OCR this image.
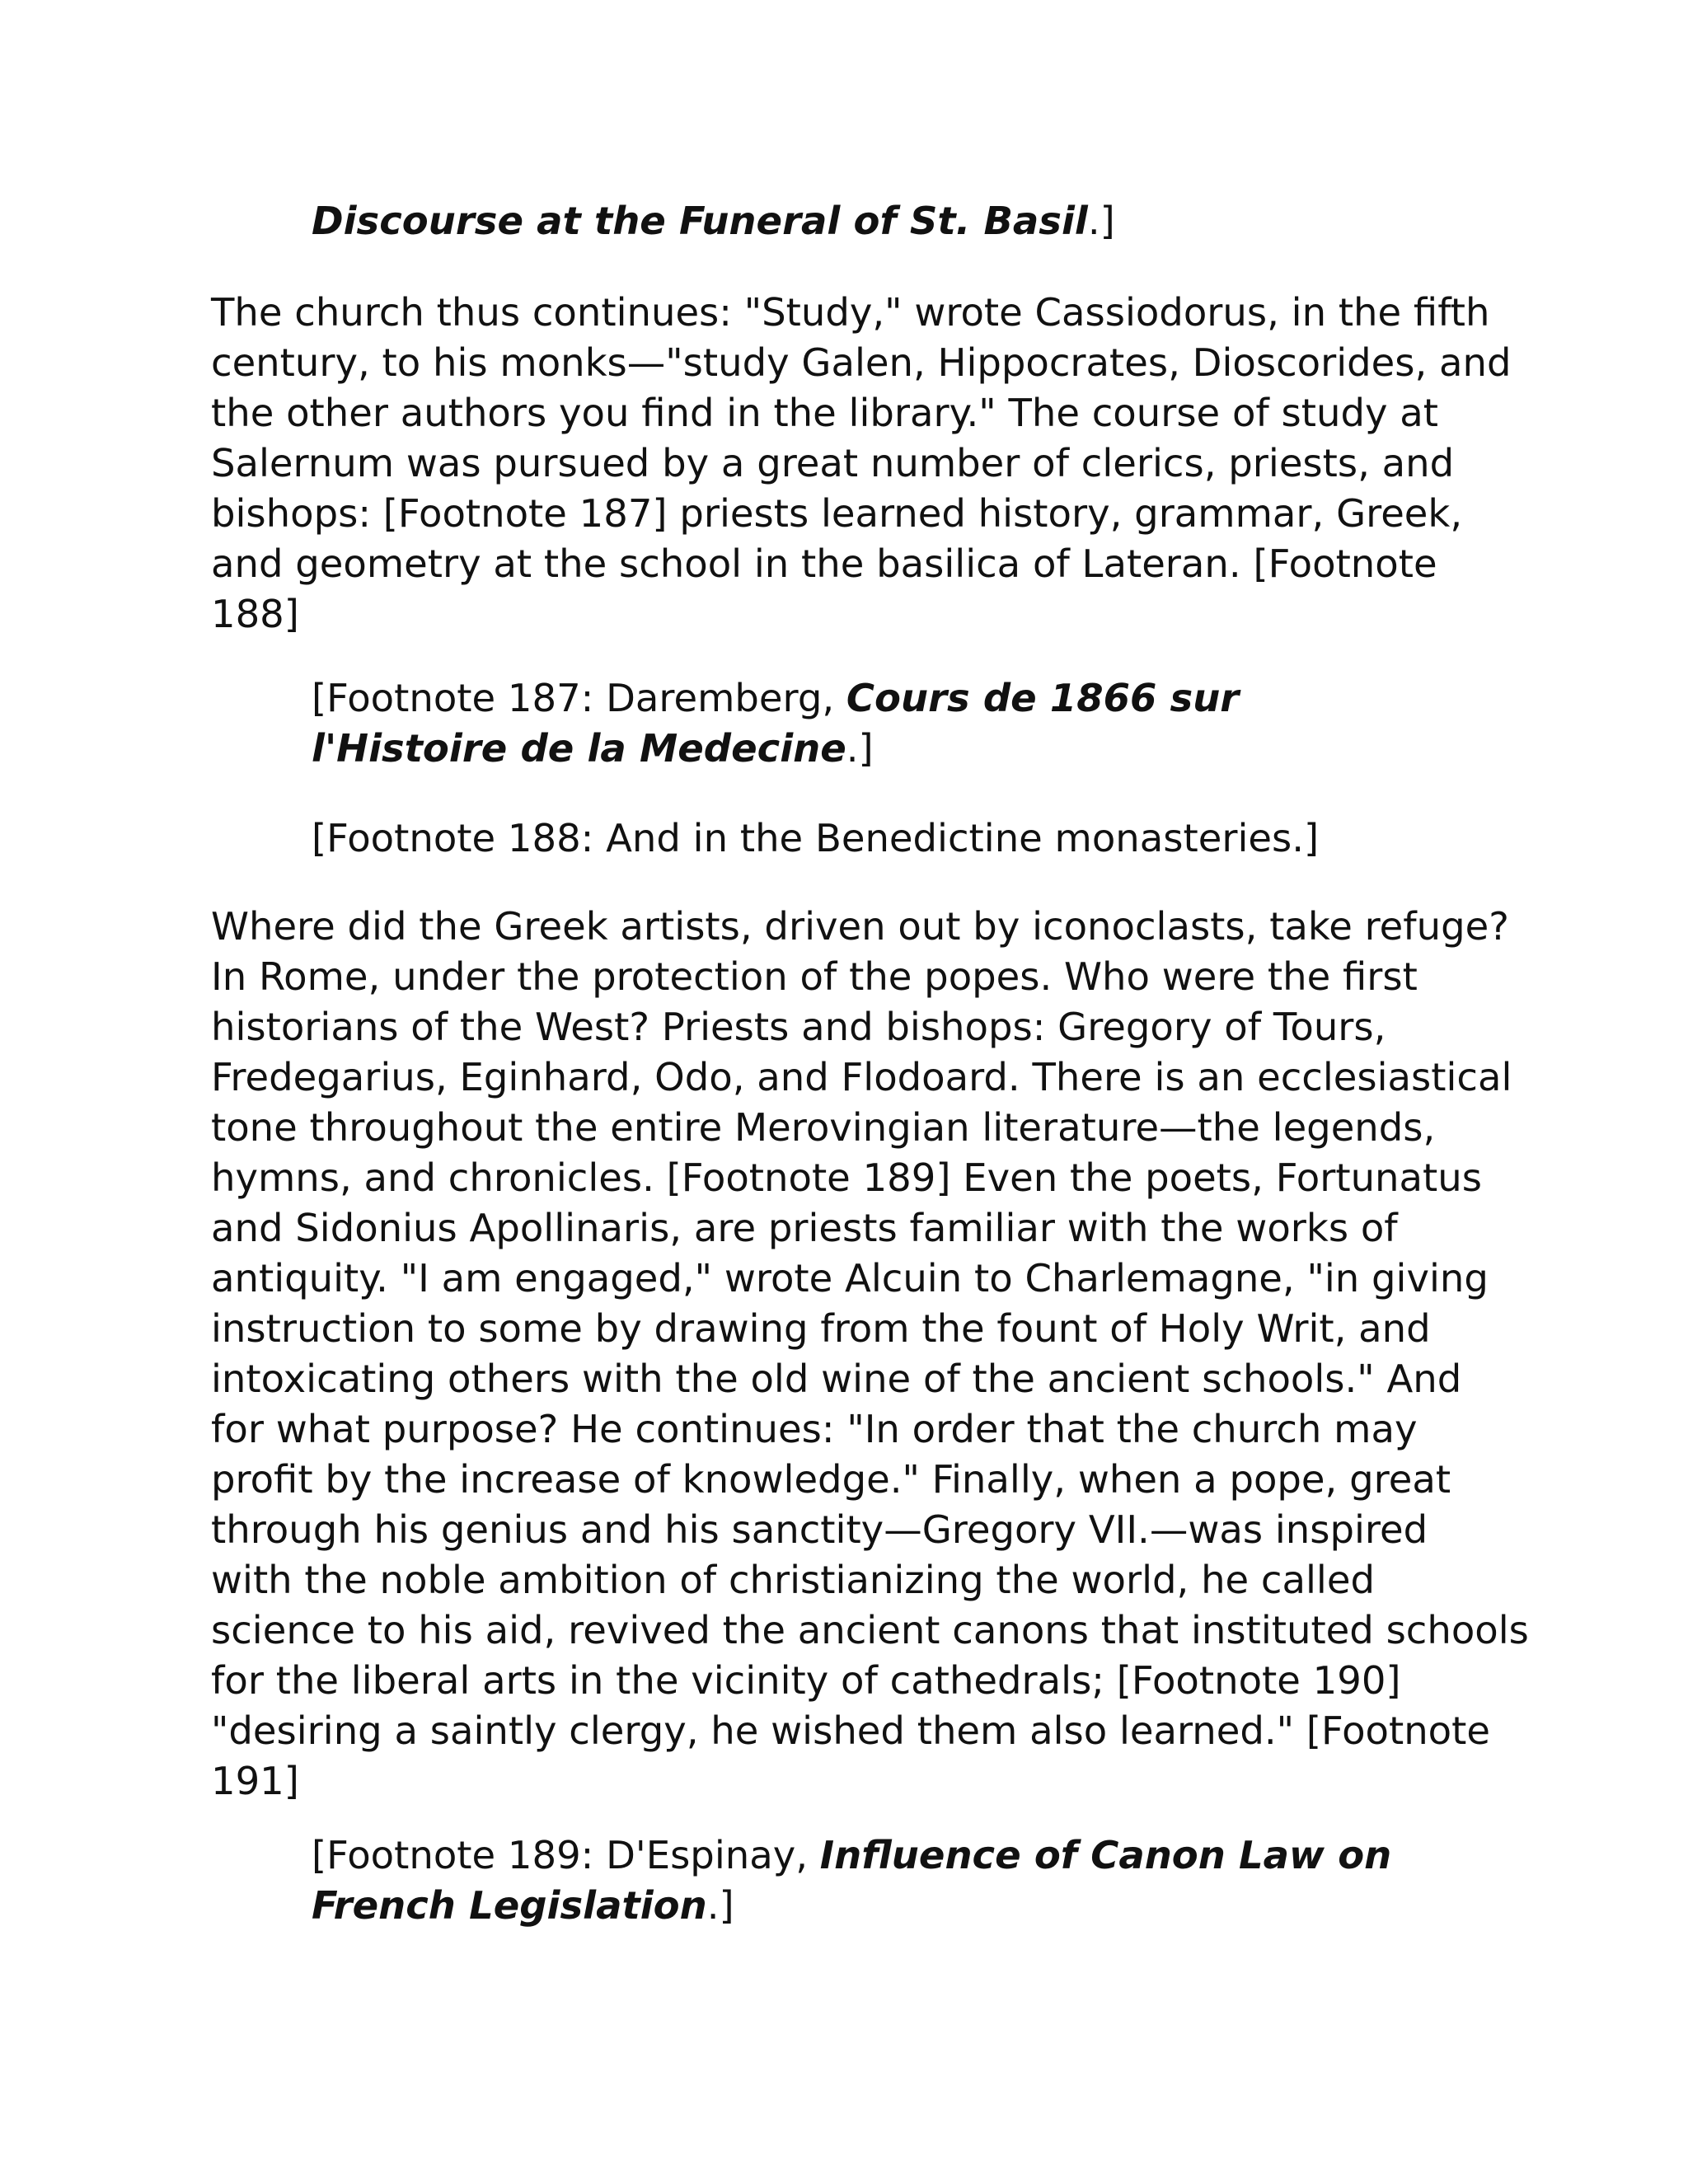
Discourse at the Funeral of St. Basil.]

The church thus continues: "Study," wrote Cassiodorus, in the fifth
century, to his monks—"study Galen, Hippocrates, Dioscorides, and
the other authors you find in the library." The course of study at
Salernum was pursued by a great number of clerics, priests, and
bishops: [Footnote 187] priests learned history, grammar, Greek,
and geometry at the school in the basilica of Lateran. [Footnote
188]

[Footnote 187: Daremberg, Cours de 1866 sur
l'Histoire de la Medecine.]

[Footnote 188: And in the Benedictine monasteries.]

Where did the Greek artists, driven out by iconoclasts, take refuge?
In Rome, under the protection of the popes. Who were the first
historians of the West? Priests and bishops: Gregory of Tours,
Fredegarius, Eginhard, Odo, and Flodoard. There is an ecclesiastical
tone throughout the entire Merovingian literature—the legends,
hymns, and chronicles. [Footnote 189] Even the poets, Fortunatus
and Sidonius Apollinaris, are priests familiar with the works of
antiquity. "I am engaged," wrote Alcuin to Charlemagne, "in giving
instruction to some by drawing from the fount of Holy Writ, and
intoxicating others with the old wine of the ancient schools." And
for what purpose? He continues: "In order that the church may
profit by the increase of knowledge." Finally, when a pope, great
through his genius and his sanctity—Gregory VII.—was inspired
with the noble ambition of christianizing the world, he called
science to his aid, revived the ancient canons that instituted schools
for the liberal arts in the vicinity of cathedrals; [Footnote 190]
"desiring a saintly clergy, he wished them also learned." [Footnote
191]

[Footnote 189: D'Espinay, Influence of Canon Law on
French Legislation.]
